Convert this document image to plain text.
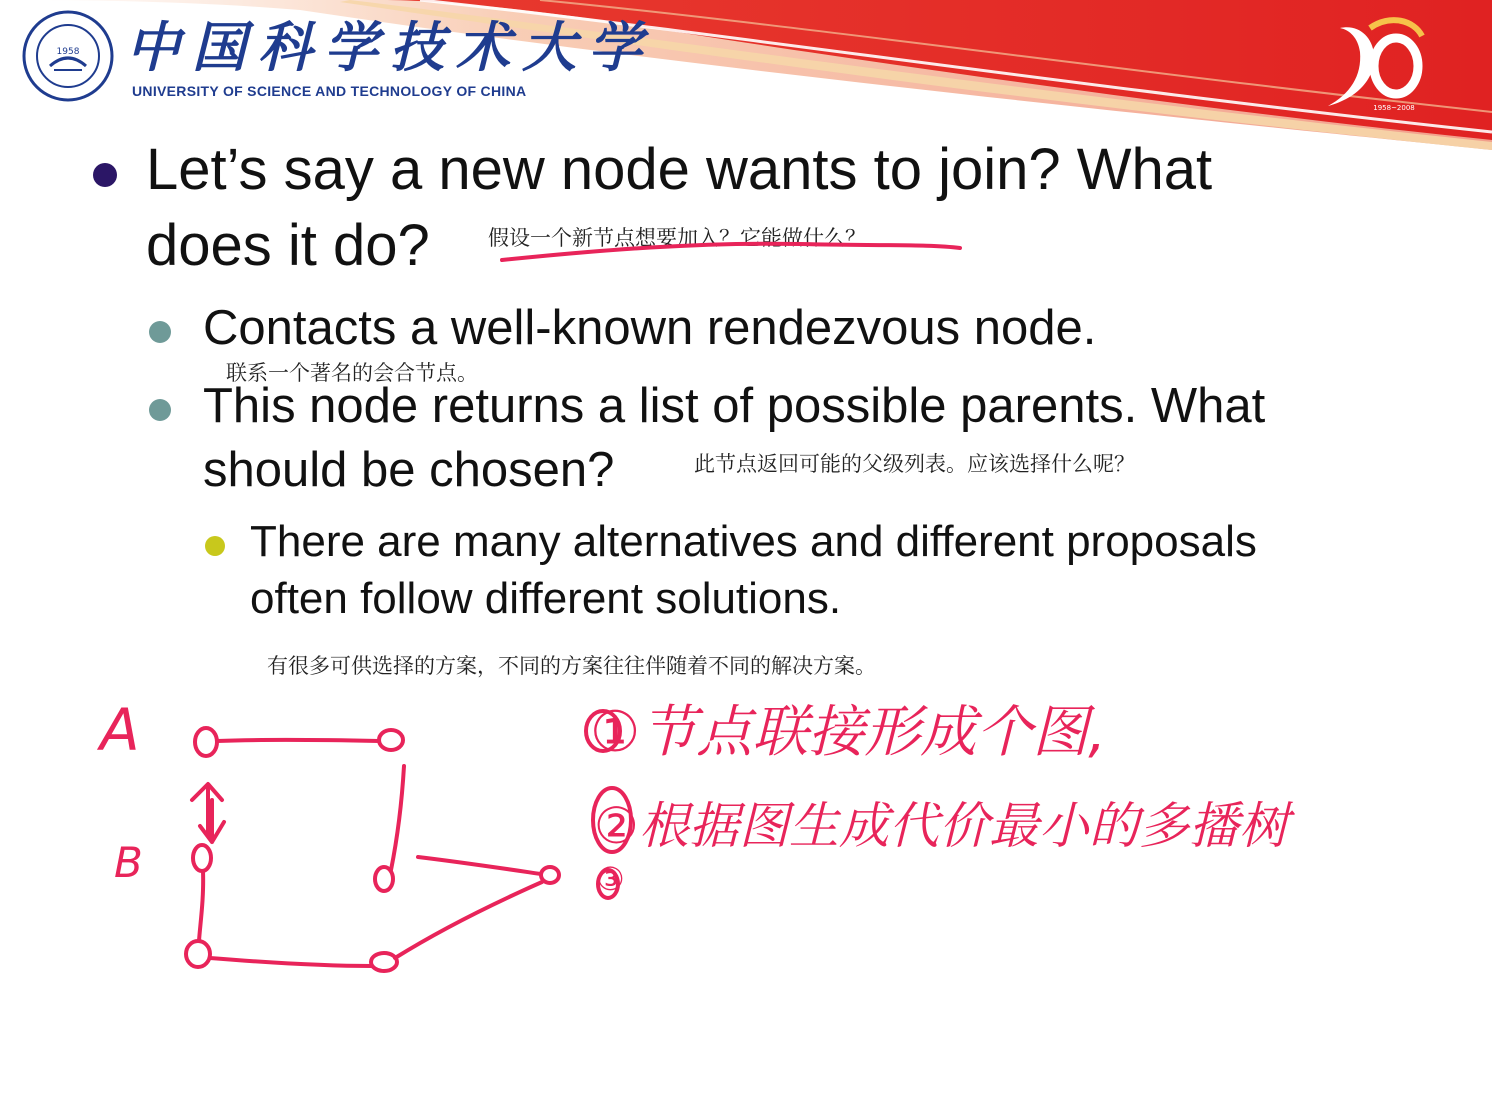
1958 中国科学技术大学
UNIVERSITY OF SCIENCE AND TECHNOLOGY OF CHINA
1958~2008
Let’s say a new node wants to join? What
does it do?	假设一个新节点想要加入？它能做什么？
Contacts a well-known rendezvous node.
联系一个著名的会合节点。
This node returns a list of possible parents. What
should be chosen?	此节点返回可能的父级列表。应该选择什么呢？
There are many alternatives and different proposals
often follow different solutions.
有很多可供选择的方案，不同的方案往往伴随着不同的解决方案。
A
B
①节点联接形成个图,
②根据图生成代价最小的多播树
③
